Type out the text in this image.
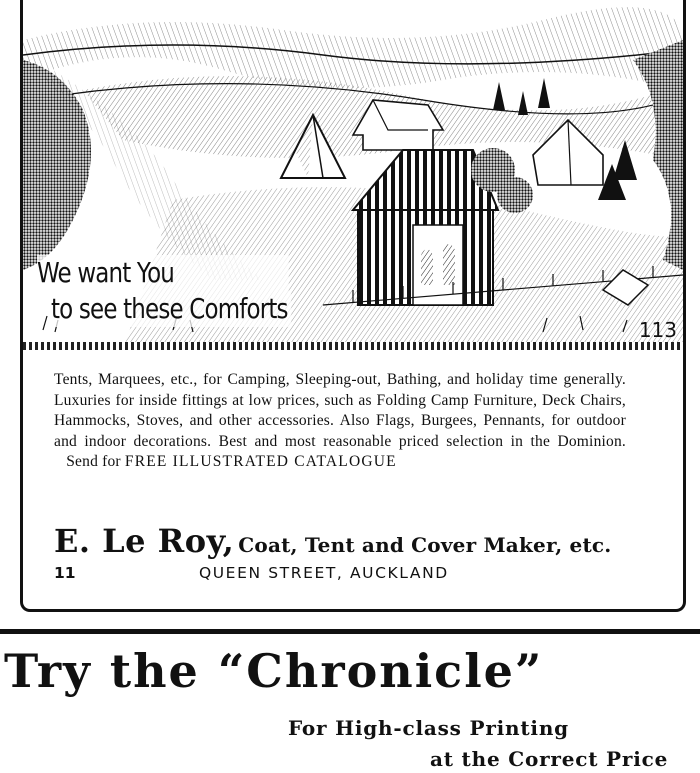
We want You
to see these Comforts
113
Tents, Marquees, etc., for Camping, Sleeping-out, Bathing, and holiday time generally. Luxuries for inside fittings at low prices, such as Folding Camp Furniture, Deck Chairs, Hammocks, Stoves, and other accessories. Also Flags, Burgees, Pennants, for outdoor and indoor decorations. Best and most reasonable priced selection in the Dominion.    Send for FREE ILLUSTRATED CATALOGUE
E. Le Roy, Coat, Tent and Cover Maker, etc.
11	QUEEN STREET, AUCKLAND
Try the “Chronicle”
For High-class Printing
at the Correct Price
